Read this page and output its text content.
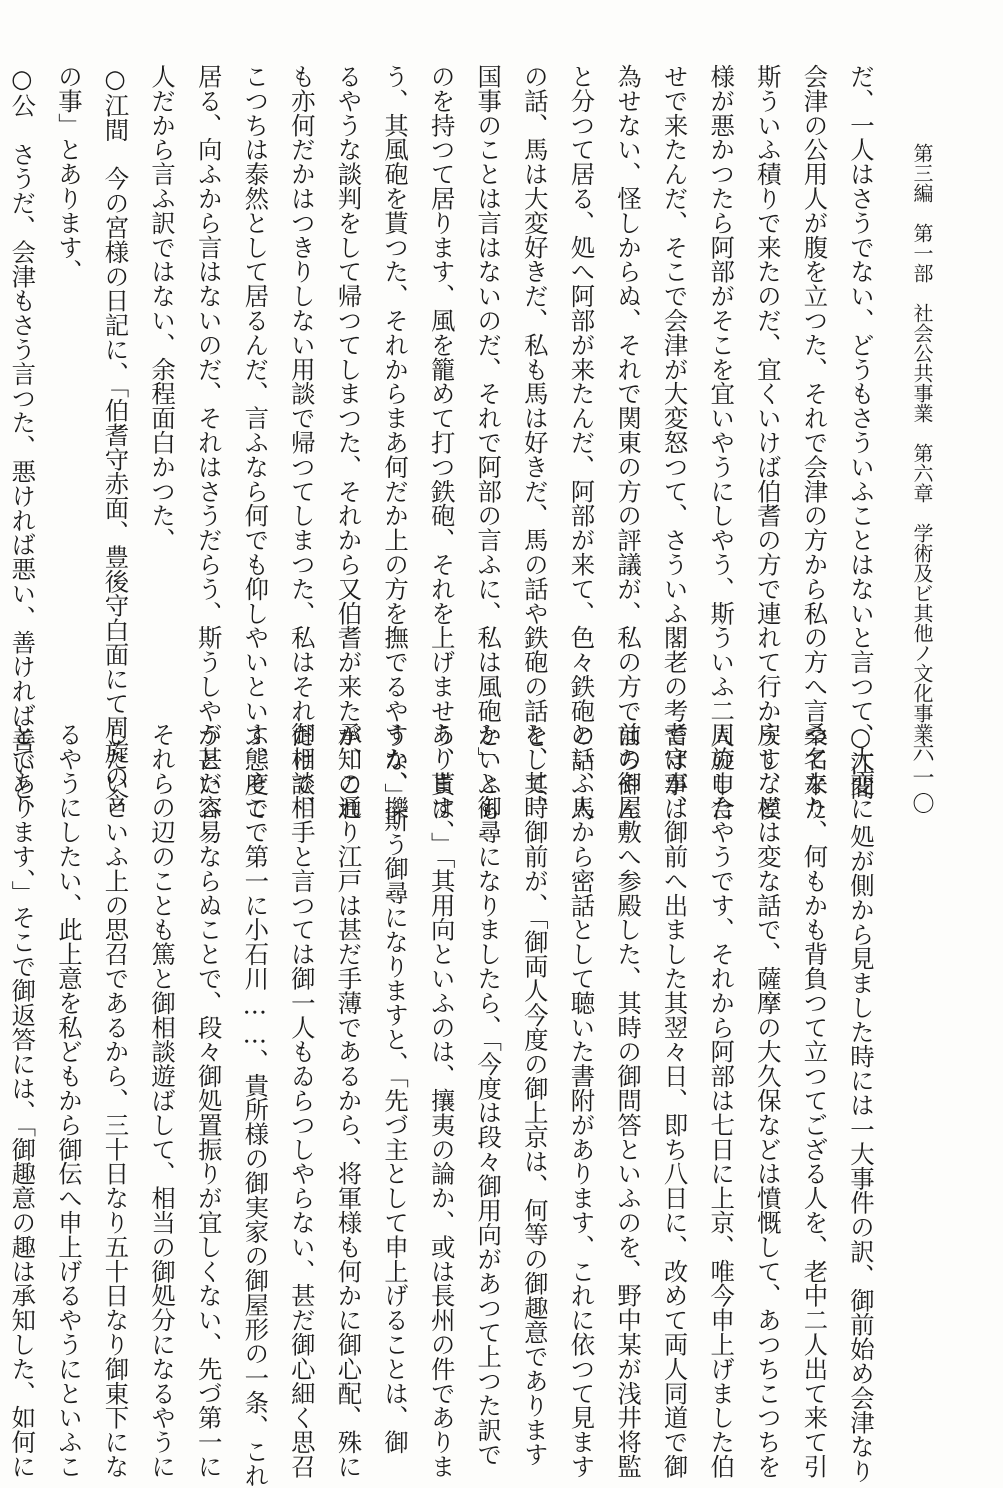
第三編　第一部　社会公共事業　第六章　学術及ビ其他ノ文化事業
六一〇
だ、一人はさうでない、どうもさういふことはないと言つて、大変に
会津の公用人が腹を立つた、それで会津の方から私の方へ言つて来た
斯ういふ積りで来たのだ、宜くいけば伯耆の方で連れて行かうし、模
様が悪かつたら阿部がそこを宜いやうにしやう、斯ういふ二人の申合
せで来たんだ、そこで会津が大変怒つて、さういふ閣老の考では事は
為せない、怪しからぬ、それで関東の方の評議が、私の方ではちやん
と分つて居る、処へ阿部が来たんだ、阿部が来て、色々鉄砲の話、馬
の話、馬は大変好きだ、私も馬は好きだ、馬の話や鉄砲の話をして、
国事のことは言はないのだ、それで阿部の言ふに、私は風砲といふも
のを持つて居ります、風を籠めて打つ鉄砲、それを上げませう、貰は
う、其風砲を貰つた、それからまあ何だか上の方を撫でるやうな、擽
るやうな談判をして帰つてしまつた、それから又伯耆が来たが、これ
も亦何だかはつきりしない用談で帰つてしまつた、私はそれだけで、
こつちは泰然として居るんだ、言ふなら何でも仰しやいといふ態度で
居る、向ふから言はないのだ、それはさうだらう、斯うしやうといふ
人だから言ふ訳ではない、余程面白かつた、
○江間　今の宮様の日記に、「伯耆守赤面、豊後守白面にて周旋の含
の事」とあります、
○公　さうだ、会津もさう言つた、悪ければ悪い、善ければ善いと、
○江間　処が側から見ました時には一大事件の訳、御前始め会津なり
桑名なり、何もかも背負つて立つてござる人を、老中二人出て来て引
戻すなどは変な話で、薩摩の大久保などは憤慨して、あつちこつちを
周旋したやうです、それから阿部は七日に上京、唯今申上げました伯
耆守が、御前へ出ました其翌々日、即ち八日に、改めて両人同道で御
前の御屋敷へ参殿した、其時の御問答といふのを、野中某が浅井将監
といふ人から密話として聴いた書附があります、これに依つて見ます
と、其時御前が、「御両人今度の御上京は、何等の御趣意であります
か」と御尋になりましたら、「今度は段々御用向があつて上つた訳で
あります、」「其用向といふのは、攘夷の論か、或は長州の件でありま
すか、」斯う御尋になりますと、「先づ主として申上げることは、御
承知の通り江戸は甚だ手薄であるから、将軍様も何かに御心配、殊に
御相談相手と言つては御一人もゐらつしやらない、甚だ御心細く思召
す、そこで第一に小石川……、貴所様の御実家の御屋形の一条、これ
が甚だ容易ならぬことで、段々御処置振りが宜しくない、先づ第一に
それらの辺のことも篤と御相談遊ばして、相当の御処分になるやうに
したいといふ上の思召であるから、三十日なり五十日なり御東下にな
るやうにしたい、此上意を私どもから御伝へ申上げるやうにといふこ
とであります、」そこで御返答には、「御趣意の趣は承知した、如何に
